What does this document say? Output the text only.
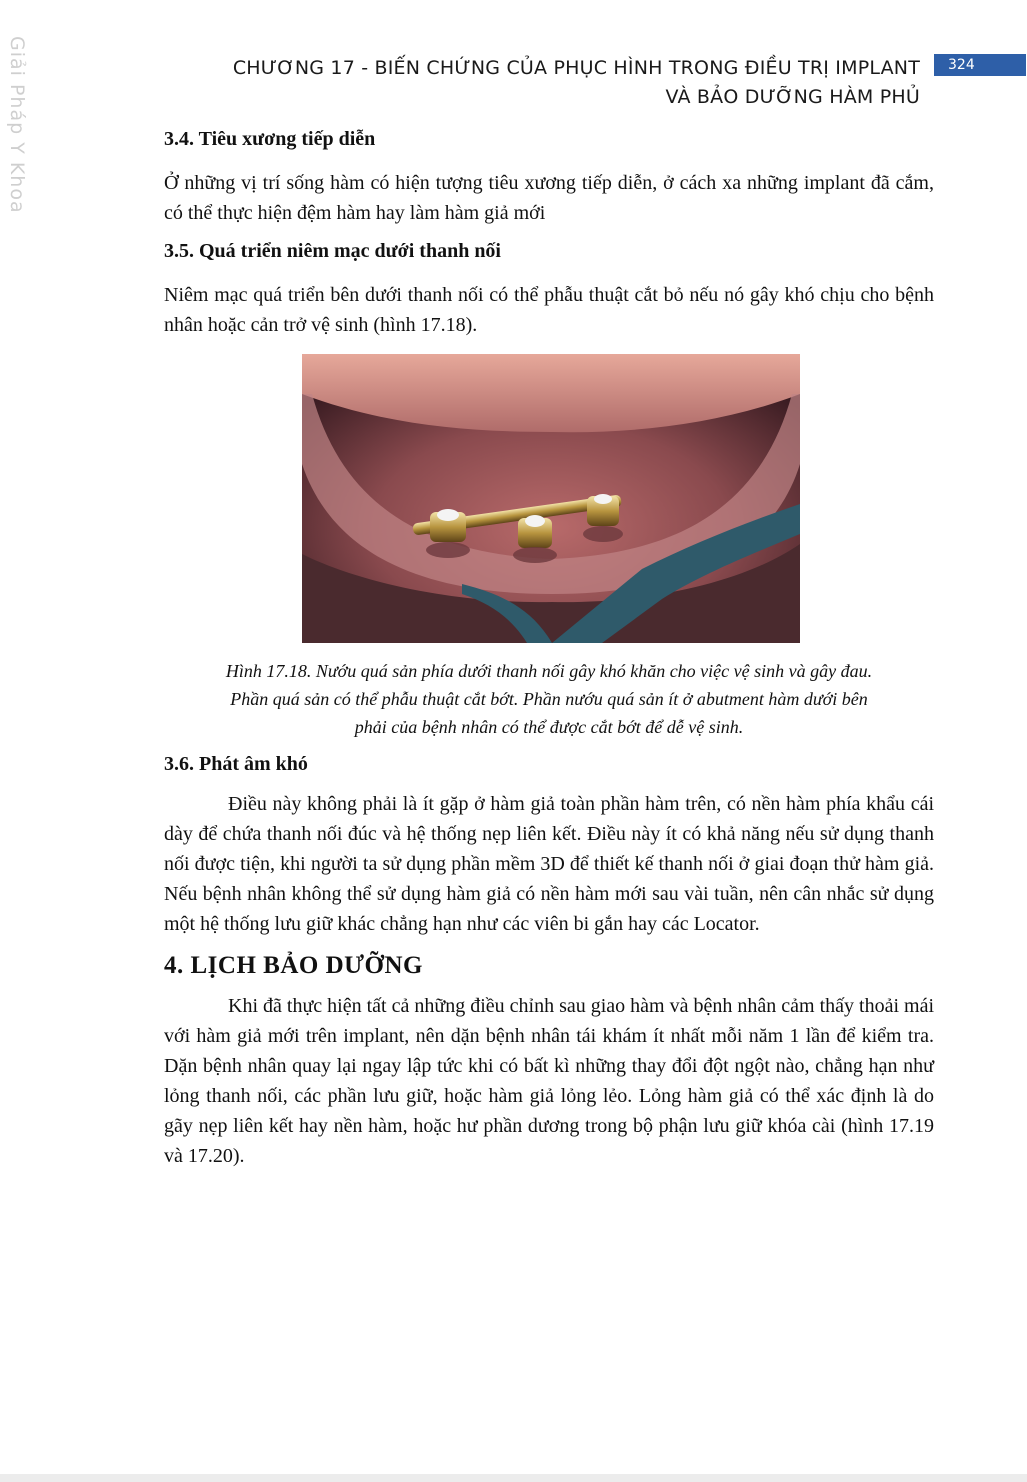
Giải Pháp Y Khoa	CHƯƠNG 17 - BIẾN CHỨNG CỦA PHỤC HÌNH TRONG ĐIỀU TRỊ IMPLANT
VÀ BẢO DƯỠNG HÀM PHỦ
324
3.4. Tiêu xương tiếp diễn

Ở những vị trí sống hàm có hiện tượng tiêu xương tiếp diễn, ở cách xa những implant đã cắm, có thể thực hiện đệm hàm hay làm hàm giả mới

3.5. Quá triển niêm mạc dưới thanh nối

Niêm mạc quá triển bên dưới thanh nối có thể phẫu thuật cắt bỏ nếu nó gây khó chịu cho bệnh nhân hoặc cản trở vệ sinh (hình 17.18).

Hình 17.18. Nướu quá sản phía dưới thanh nối gây khó khăn cho việc vệ sinh và gây đau.
Phần quá sản có thể phẫu thuật cắt bớt. Phần nướu quá sản ít ở abutment hàm dưới bên
phải của bệnh nhân có thể được cắt bớt để dễ vệ sinh.
3.6. Phát âm khó

Điều này không phải là ít gặp ở hàm giả toàn phần hàm trên, có nền hàm phía khẩu cái dày để chứa thanh nối đúc và hệ thống nẹp liên kết. Điều này ít có khả năng nếu sử dụng thanh nối được tiện, khi người ta sử dụng phần mềm 3D để thiết kế thanh nối ở giai đoạn thử hàm giả. Nếu bệnh nhân không thể sử dụng hàm giả có nền hàm mới sau vài tuần, nên cân nhắc sử dụng một hệ thống lưu giữ khác chẳng hạn như các viên bi gắn hay các Locator.

4. LỊCH BẢO DƯỠNG

Khi đã thực hiện tất cả những điều chỉnh sau giao hàm và bệnh nhân cảm thấy thoải mái với hàm giả mới trên implant, nên dặn bệnh nhân tái khám ít nhất mỗi năm 1 lần để kiểm tra. Dặn bệnh nhân quay lại ngay lập tức khi có bất kì những thay đổi đột ngột nào, chẳng hạn như lỏng thanh nối, các phần lưu giữ, hoặc hàm giả lỏng lẻo. Lỏng hàm giả có thể xác định là do gãy nẹp liên kết hay nền hàm, hoặc hư phần dương trong bộ phận lưu giữ khóa cài (hình 17.19 và 17.20).
